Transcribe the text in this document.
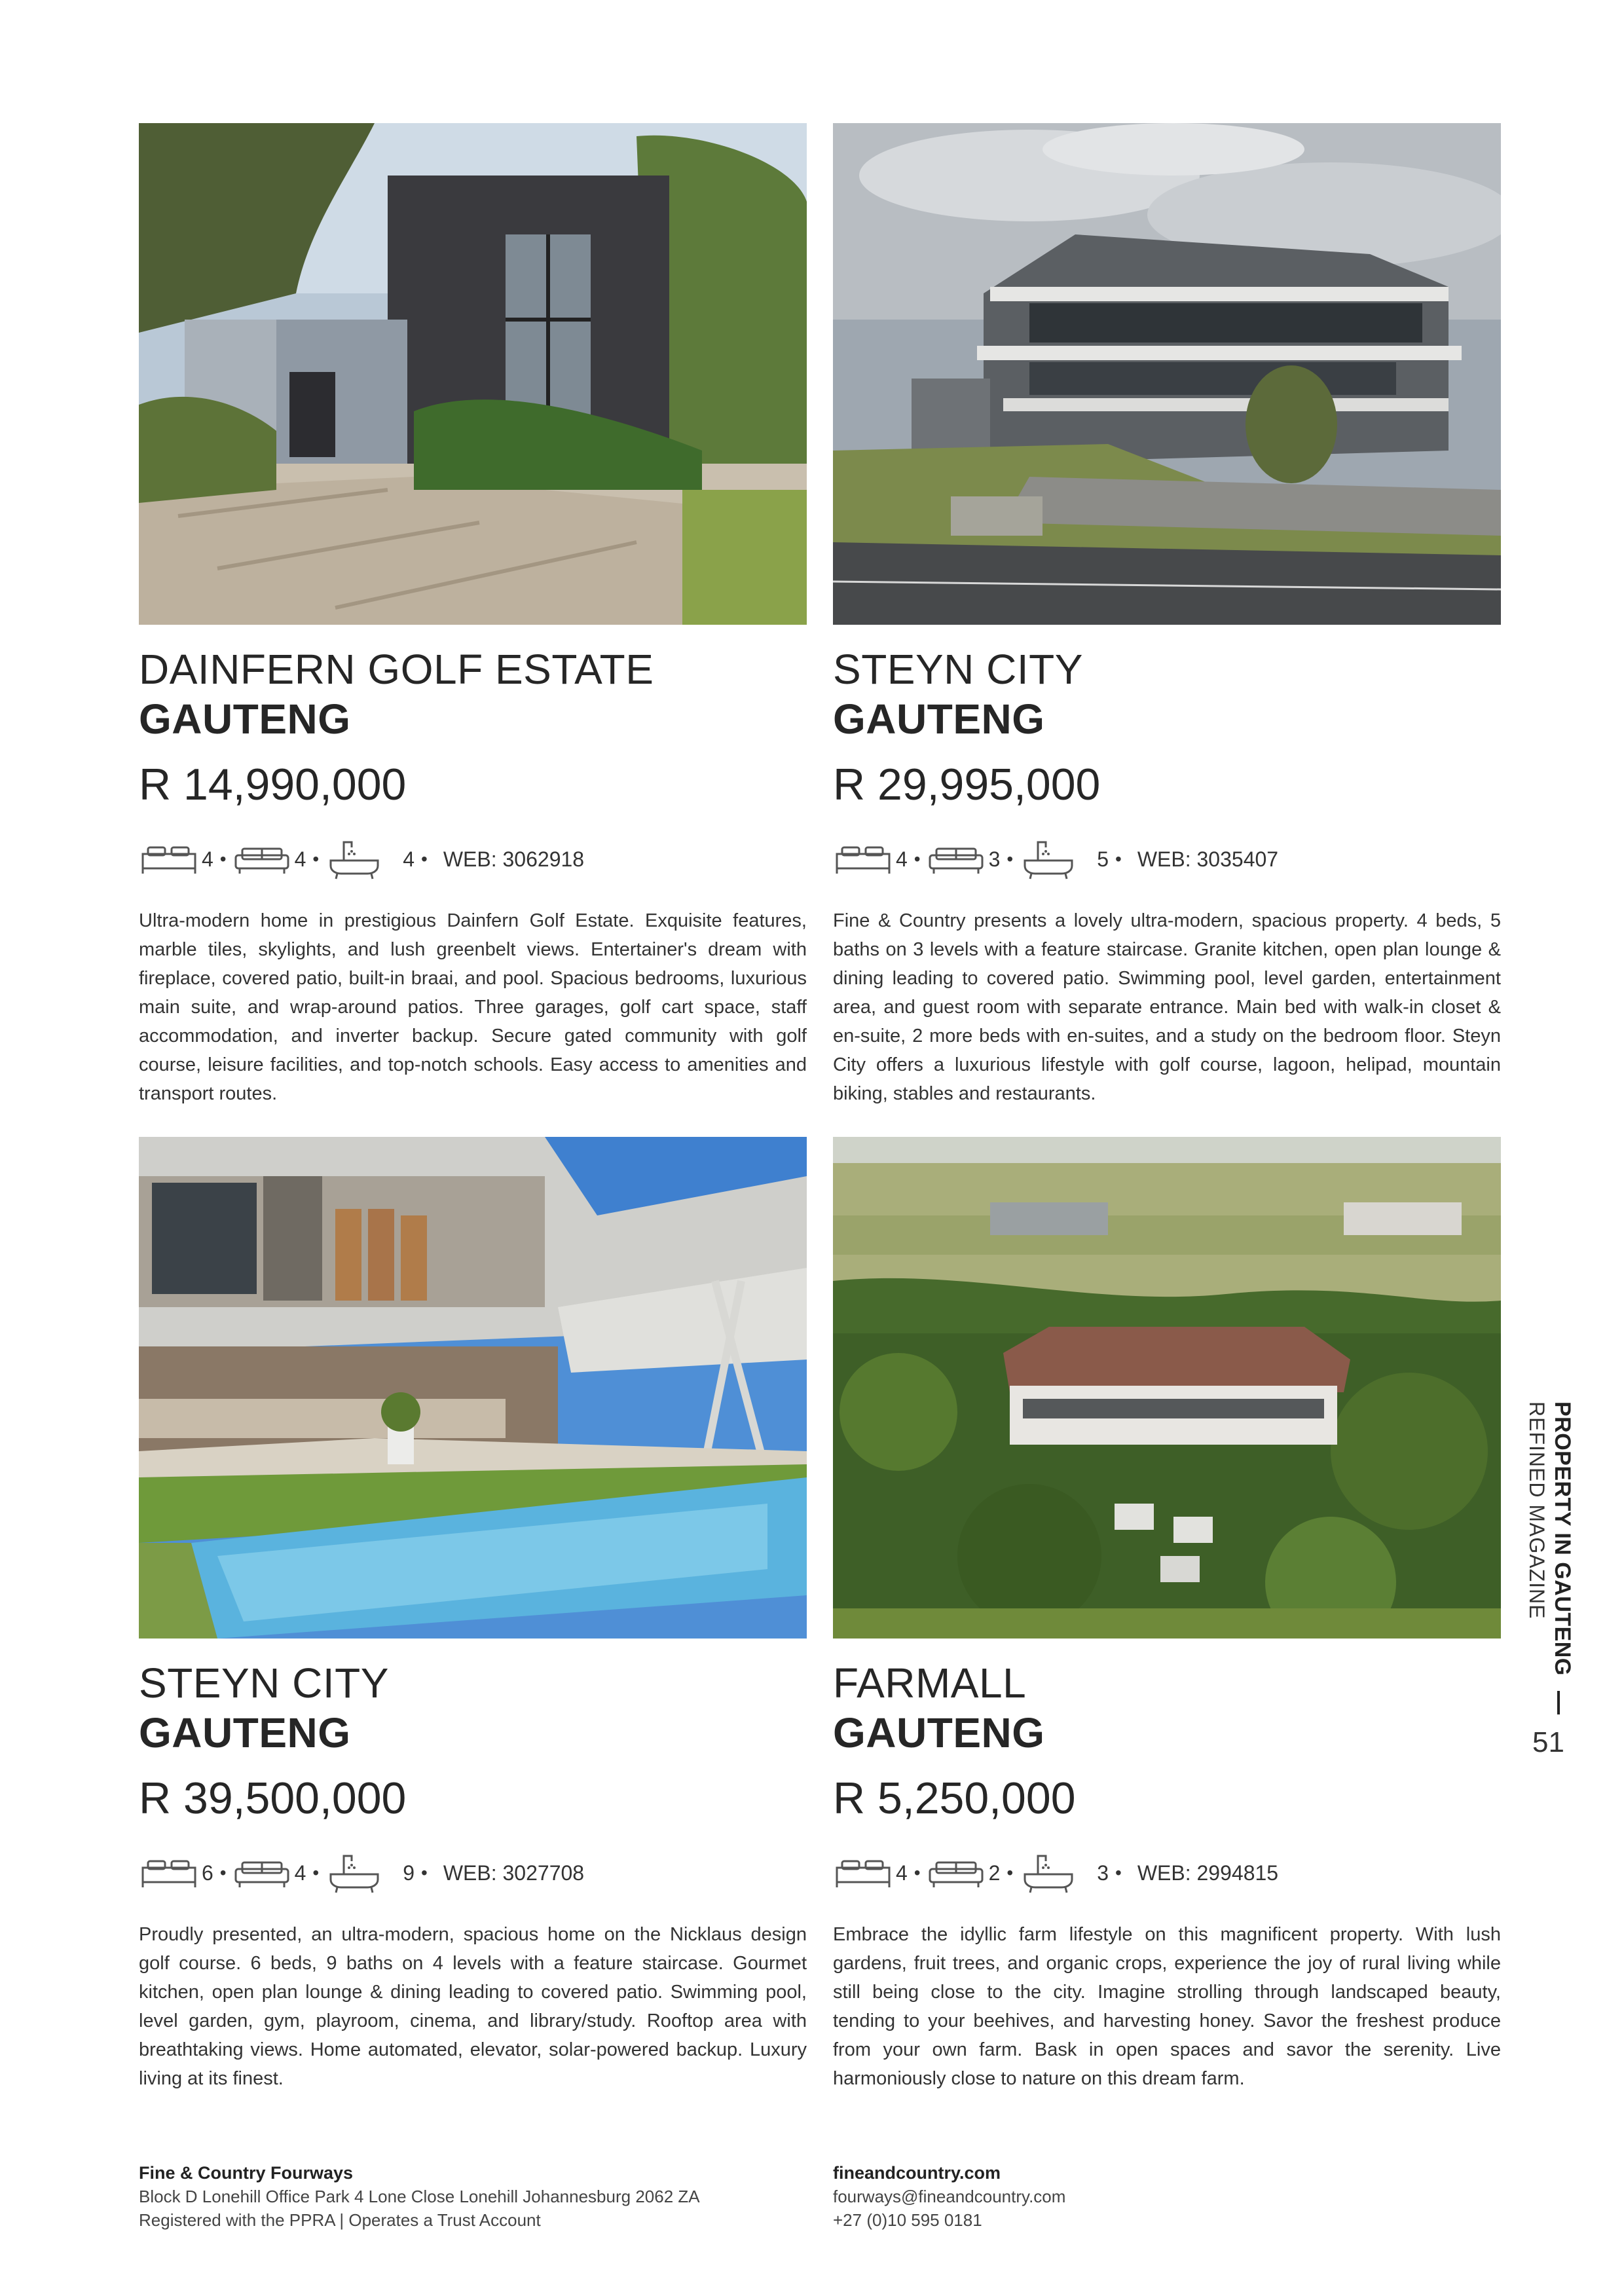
DAINFERN GOLF ESTATE
GAUTENG
R 14,990,000
4 •	4 •	4 • WEB: 3062918
Ultra-modern home in prestigious Dainfern Golf Estate. Exquisite features, marble tiles, skylights, and lush greenbelt views. Entertainer's dream with fireplace, covered patio, built-in braai, and pool. Spacious bedrooms, luxurious main suite, and wrap-around patios. Three garages, golf cart space, staff accommodation, and inverter backup. Secure gated community with golf course, leisure facilities, and top-notch schools. Easy access to amenities and transport routes.
STEYN CITY
GAUTENG
R 29,995,000
4 •	3 •	5 • WEB: 3035407
Fine & Country presents a lovely ultra-modern, spacious property. 4 beds, 5 baths on 3 levels with a feature staircase. Granite kitchen, open plan lounge & dining leading to covered patio. Swimming pool, level garden, entertainment area, and guest room with separate entrance. Main bed with walk-in closet & en-suite, 2 more beds with en-suites, and a study on the bedroom floor. Steyn City offers a luxurious lifestyle with golf course, lagoon, helipad, mountain biking, stables and restaurants.
STEYN CITY
GAUTENG
R 39,500,000
6 •	4 •	9 • WEB: 3027708
Proudly presented, an ultra-modern, spacious home on the Nicklaus design golf course. 6 beds, 9 baths on 4 levels with a feature staircase. Gourmet kitchen, open plan lounge & dining leading to covered patio. Swimming pool, level garden, gym, playroom, cinema, and library/study. Rooftop area with breathtaking views. Home automated, elevator, solar-powered backup. Luxury living at its finest.
FARMALL
GAUTENG
R 5,250,000
4 •	2 •	3 • WEB: 2994815
Embrace the idyllic farm lifestyle on this magnificent property. With lush gardens, fruit trees, and organic crops, experience the joy of rural living while still being close to the city. Imagine strolling through landscaped beauty, tending to your beehives, and harvesting honey. Savor the freshest produce from your own farm. Bask in open spaces and savor the serenity. Live harmoniously close to nature on this dream farm.
PROPERTY IN GAUTENG
REFINED MAGAZINE
51
Fine & Country Fourways
Block D Lonehill Office Park 4 Lone Close Lonehill Johannesburg 2062 ZA
Registered with the PPRA | Operates a Trust Account
fineandcountry.com
fourways@fineandcountry.com
+27 (0)10 595 0181
